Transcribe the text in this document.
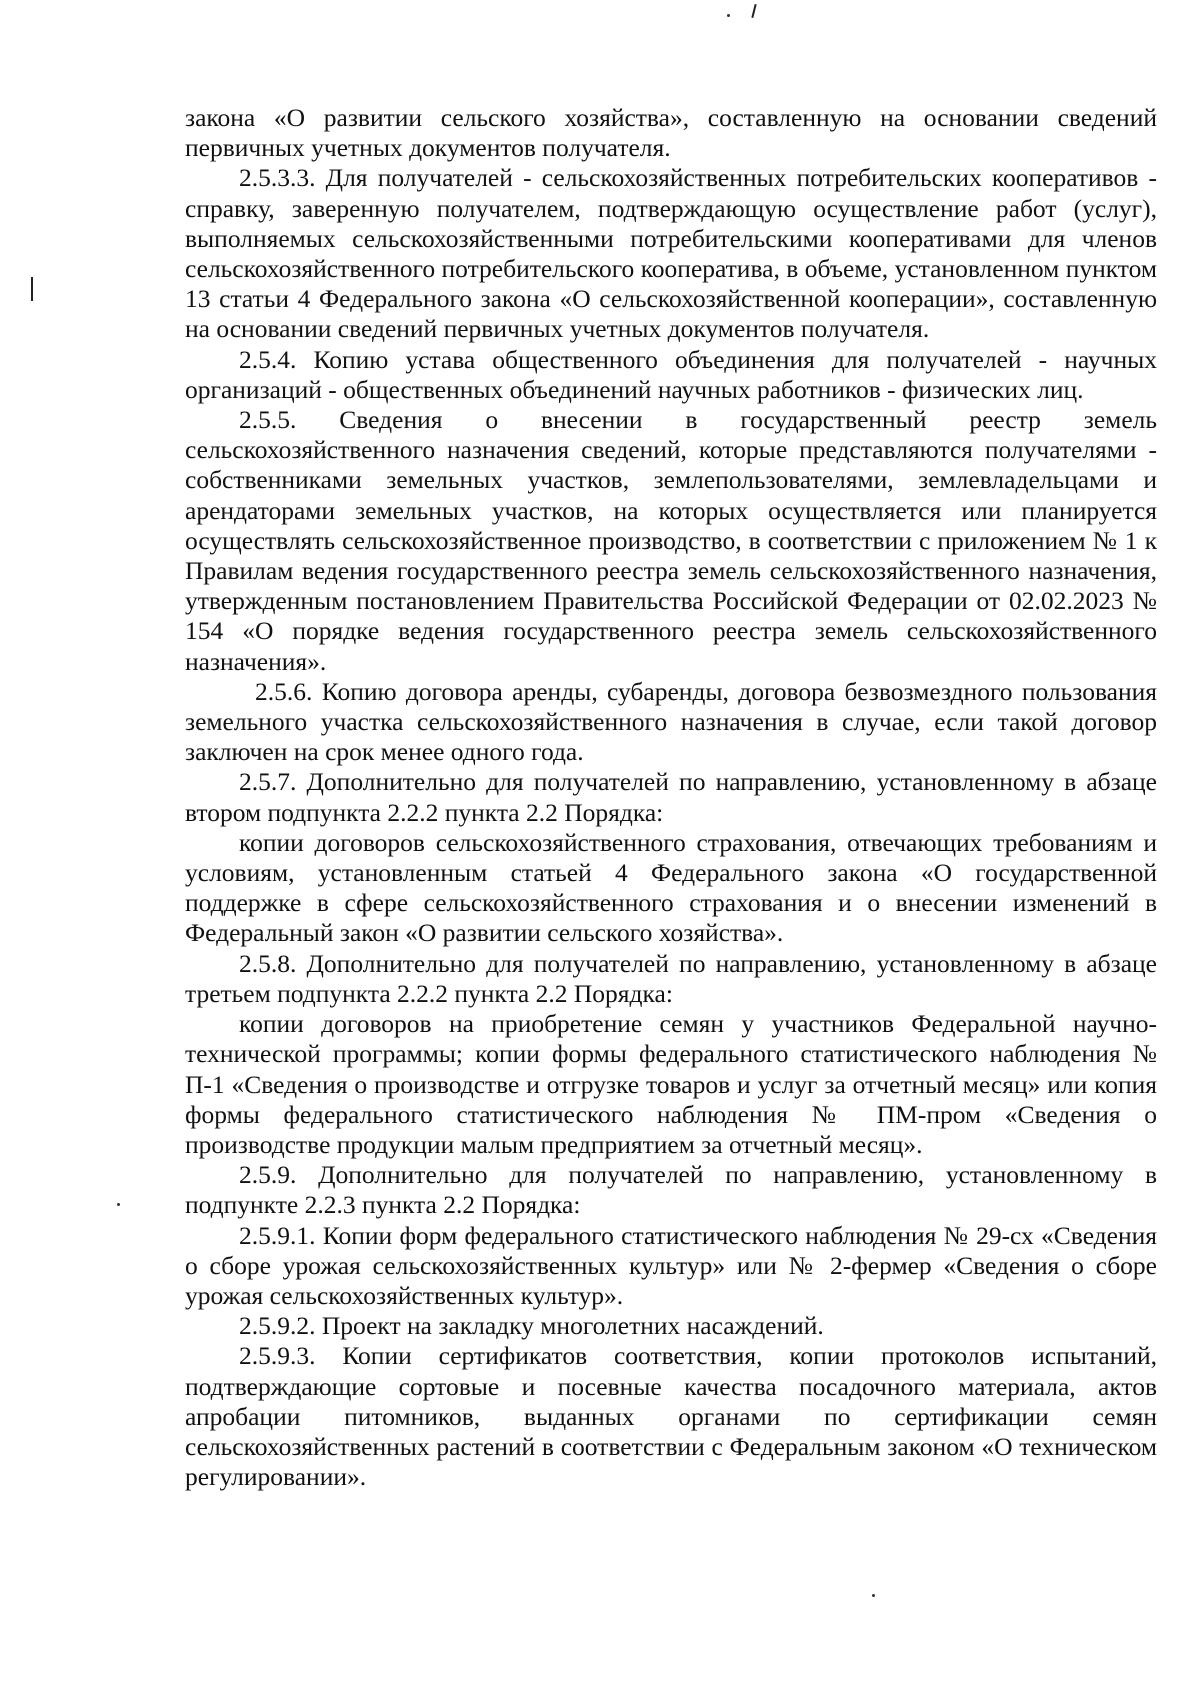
закона «О развитии сельского хозяйства», составленную на основании сведений первичных учетных документов получателя.

2.5.3.3. Для получателей - сельскохозяйственных потребительских кооперативов - справку, заверенную получателем, подтверждающую осуществление работ (услуг), выполняемых сельскохозяйственными потребительскими кооперативами для членов сельскохозяйственного потребительского кооператива, в объеме, установленном пунктом 13 статьи 4 Федерального закона «О сельскохозяйственной кооперации», составленную на основании сведений первичных учетных документов получателя.

2.5.4. Копию устава общественного объединения для получателей - научных организаций - общественных объединений научных работников - физических лиц.

2.5.5. Сведения о внесении в государственный реестр земель сельскохозяйственного назначения сведений, которые представляются получателями - собственниками земельных участков, землепользователями, землевладельцами и арендаторами земельных участков, на которых осуществляется или планируется осуществлять сельскохозяйственное производство, в соответствии с приложением № 1 к Правилам ведения государственного реестра земель сельскохозяйственного назначения, утвержденным постановлением Правительства Российской Федерации от 02.02.2023 № 154 «О порядке ведения государственного реестра земель сельскохозяйственного назначения».

2.5.6. Копию договора аренды, субаренды, договора безвозмездного пользования земельного участка сельскохозяйственного назначения в случае, если такой договор заключен на срок менее одного года.

2.5.7. Дополнительно для получателей по направлению, установленному в абзаце втором подпункта 2.2.2 пункта 2.2 Порядка:

копии договоров сельскохозяйственного страхования, отвечающих требованиям и условиям, установленным статьей 4 Федерального закона «О государственной поддержке в сфере сельскохозяйственного страхования и о внесении изменений в Федеральный закон «О развитии сельского хозяйства».

2.5.8. Дополнительно для получателей по направлению, установленному в абзаце третьем подпункта 2.2.2 пункта 2.2 Порядка:

копии договоров на приобретение семян у участников Федеральной научно-технической программы; копии формы федерального статистического наблюдения № П-1 «Сведения о производстве и отгрузке товаров и услуг за отчетный месяц» или копия формы федерального статистического наблюдения № ПМ-пром «Сведения о производстве продукции малым предприятием за отчетный месяц».

2.5.9. Дополнительно для получателей по направлению, установленному в подпункте 2.2.3 пункта 2.2 Порядка:

2.5.9.1. Копии форм федерального статистического наблюдения № 29-сх «Сведения о сборе урожая сельскохозяйственных культур» или № 2-фермер «Сведения о сборе урожая сельскохозяйственных культур».

2.5.9.2. Проект на закладку многолетних насаждений.

2.5.9.3. Копии сертификатов соответствия, копии протоколов испытаний, подтверждающие сортовые и посевные качества посадочного материала, актов апробации питомников, выданных органами по сертификации семян сельскохозяйственных растений в соответствии с Федеральным законом «О техническом регулировании».
